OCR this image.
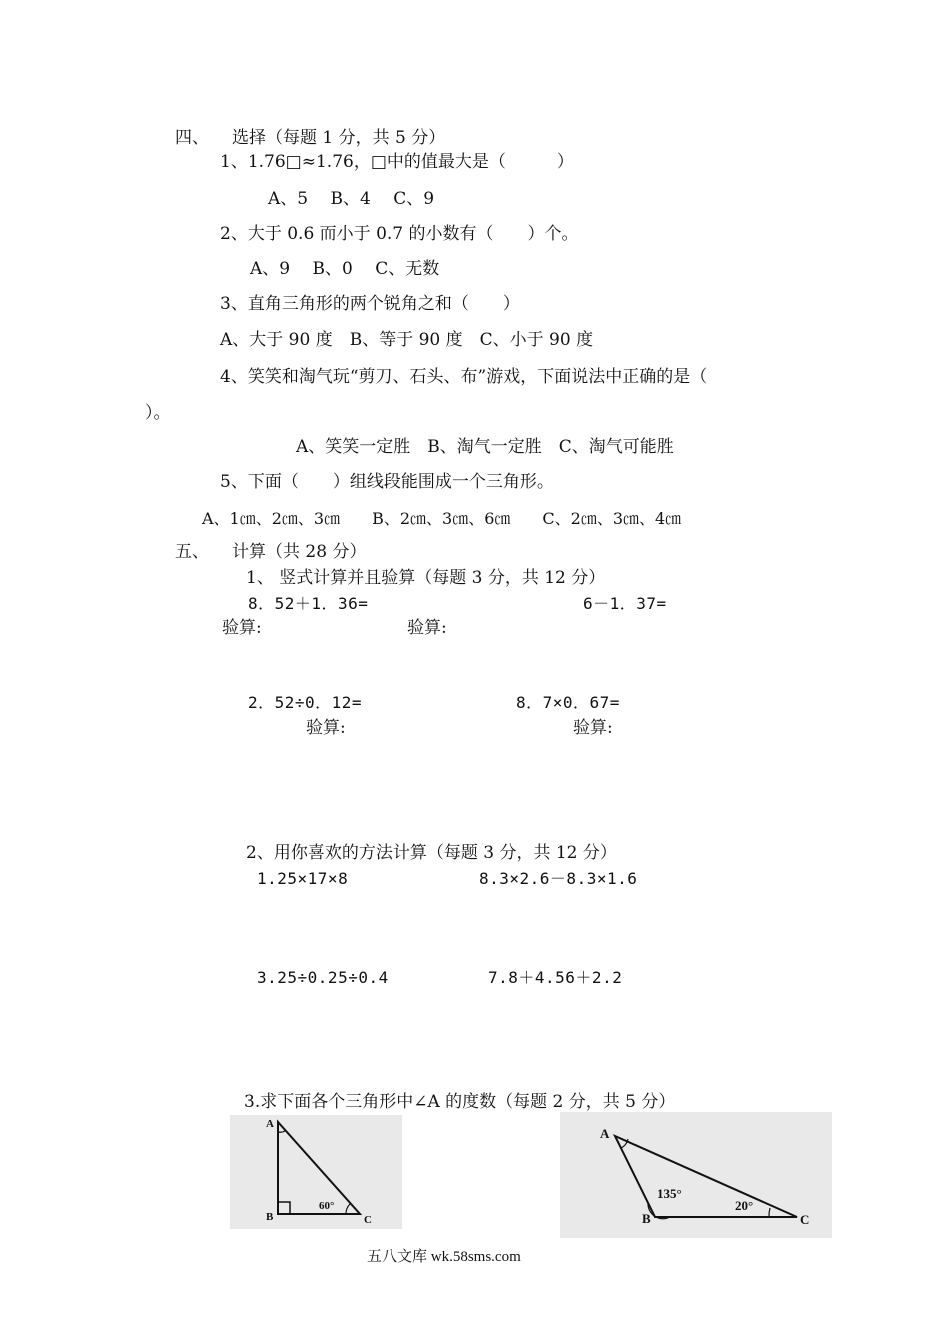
四、 选择（每题 1 分，共 5 分）
1、1.76□≈1.76，□中的值最大是（　　　）
A、5　 B、4　 C、9
2、大于 0.6 而小于 0.7 的小数有（　　）个。
A、9　 B、0　 C、无数
3、直角三角形的两个锐角之和（　　）
A、大于 90 度　B、等于 90 度　C、小于 90 度
4、笑笑和淘气玩“剪刀、石头、布”游戏，下面说法中正确的是（
）。
A、笑笑一定胜　B、淘气一定胜　C、淘气可能胜
5、下面（　　）组线段能围成一个三角形。
A、1㎝、2㎝、3㎝　　B、2㎝、3㎝、6㎝　　C、2㎝、3㎝、4㎝
五、 计算（共 28 分）
1、 竖式计算并且验算（每题 3 分，共 12 分）
8．52＋1．36=	6－1．37=
验算:	验算:
2．52÷0．12=	8．7×0．67=
验算:	验算:
2、用你喜欢的方法计算（每题 3 分，共 12 分）
1.25×17×8	8.3×2.6－8.3×1.6
3.25÷0.25÷0.4	7.8＋4.56＋2.2
3.求下面各个三角形中∠A 的度数（每题 2 分，共 5 分）
A
B	C
60°
A
B	C
135°
20°
五八文库 wk.58sms.com
